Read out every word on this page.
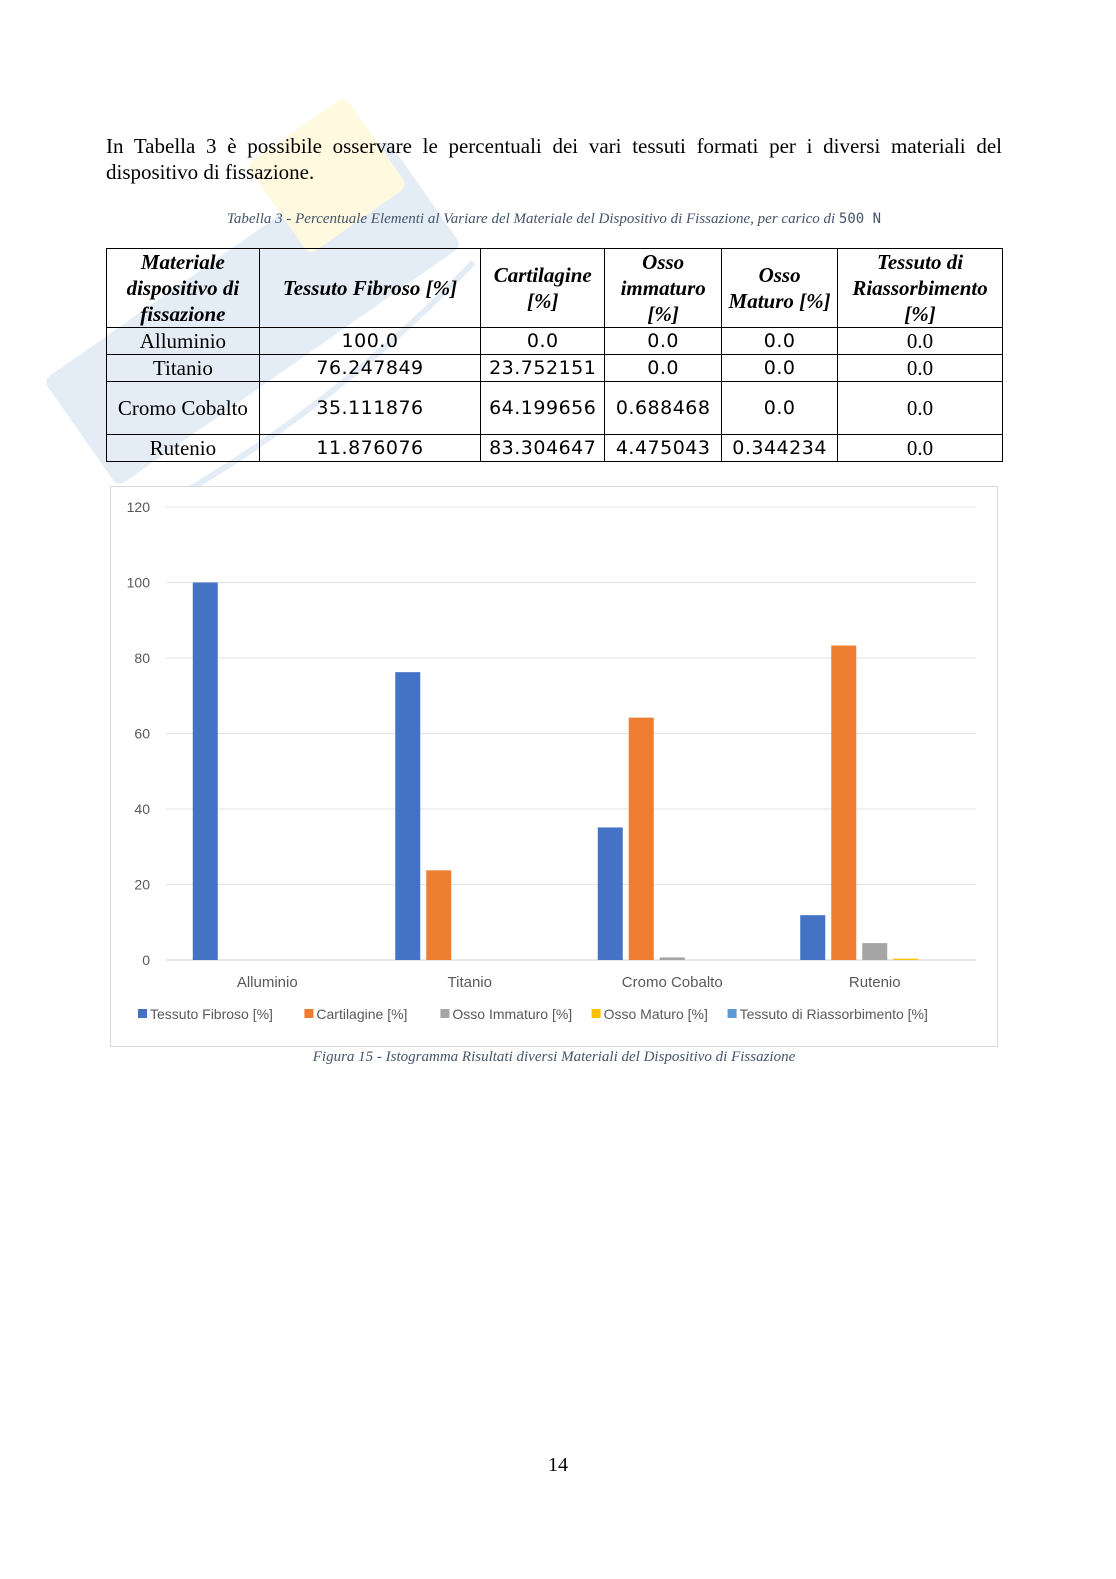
In Tabella 3 è possibile osservare le percentuali dei vari tessuti formati per i diversi materiali del dispositivo di fissazione.
Tabella 3 - Percentuale Elementi al Variare del Materiale del Dispositivo di Fissazione, per carico di 500 N
Materiale dispositivo di fissazione	Tessuto Fibroso [%]	Cartilagine [%]	Osso immaturo [%]	Osso Maturo [%]	Tessuto di Riassorbimento [%]
Alluminio	100.0	0.0	0.0	0.0	0.0
Titanio	76.247849	23.752151	0.0	0.0	0.0
Cromo Cobalto	35.111876	64.199656	0.688468	0.0	0.0
Rutenio	11.876076	83.304647	4.475043	0.344234	0.0
0
20
40
60
80
100
120
Alluminio	Titanio	Cromo Cobalto	Rutenio
Tessuto Fibroso [%]	Cartilagine [%]	Osso Immaturo [%] Osso Maturo [%] Tessuto di Riassorbimento [%]
Figura 15 - Istogramma Risultati diversi Materiali del Dispositivo di Fissazione
14
